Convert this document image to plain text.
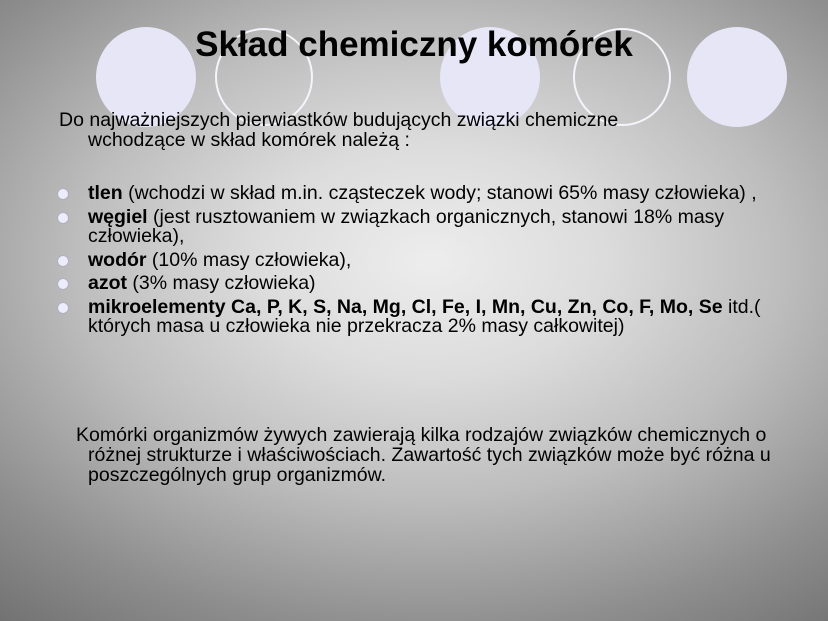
Skład chemiczny komórek

Do najważniejszych pierwiastków budujących związki chemiczne wchodzące w skład komórek należą :

tlen (wchodzi w skład m.in. cząsteczek wody; stanowi 65% masy człowieka) ,
węgiel (jest rusztowaniem w związkach organicznych, stanowi 18% masy człowieka),
wodór (10% masy człowieka),
azot (3% masy człowieka)
mikroelementy Ca, P, K, S, Na, Mg, Cl, Fe, I, Mn, Cu, Zn, Co, F, Mo, Se itd.( których masa u człowieka nie przekracza 2% masy całkowitej)

Komórki organizmów żywych zawierają kilka rodzajów związków chemicznych o różnej strukturze i właściwościach. Zawartość tych związków może być różna u poszczególnych grup organizmów.
